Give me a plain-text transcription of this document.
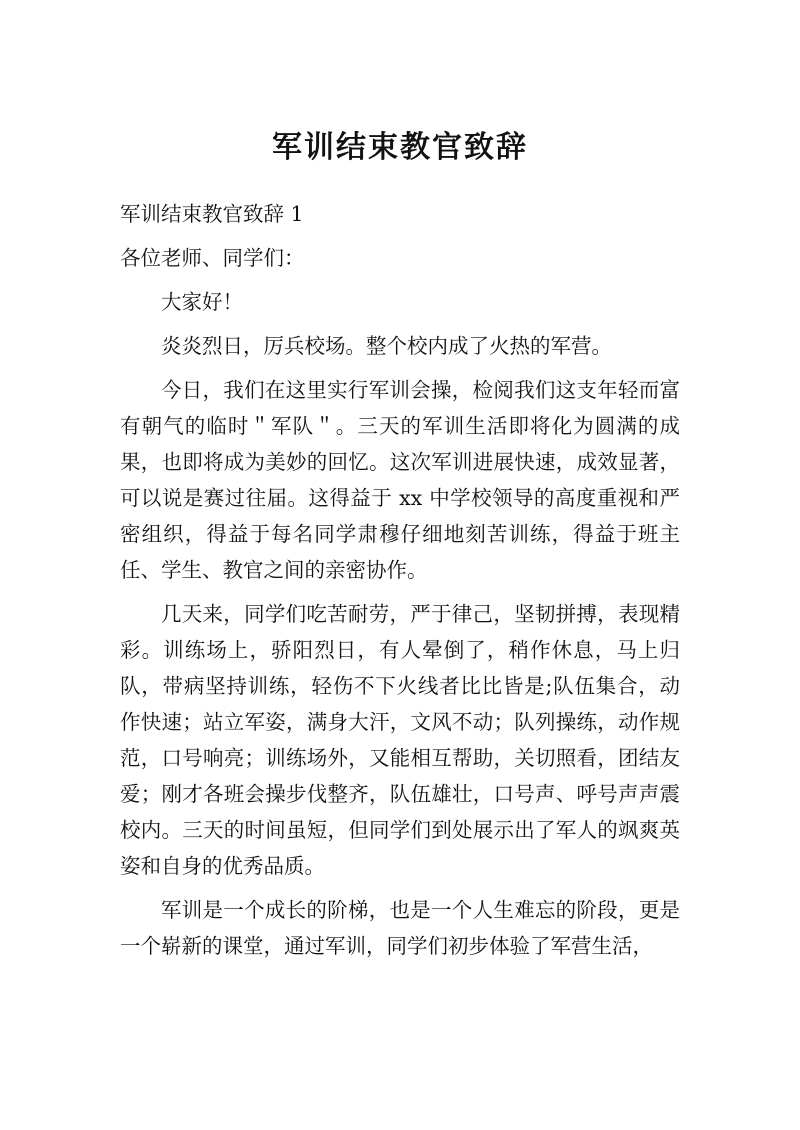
军训结束教官致辞

军训结束教官致辞 1

各位老师、同学们：

大家好！

炎炎烈日，厉兵校场。整个校内成了火热的军营。

今日，我们在这里实行军训会操，检阅我们这支年轻而富有朝气的临时＂军队＂。三天的军训生活即将化为圆满的成果，也即将成为美妙的回忆。这次军训进展快速，成效显著，可以说是赛过往届。这得益于 xx 中学校领导的高度重视和严密组织，得益于每名同学肃穆仔细地刻苦训练，得益于班主任、学生、教官之间的亲密协作。

几天来，同学们吃苦耐劳，严于律己，坚韧拼搏，表现精彩。训练场上，骄阳烈日，有人晕倒了，稍作休息，马上归队，带病坚持训练，轻伤不下火线者比比皆是;队伍集合，动作快速；站立军姿，满身大汗，文风不动；队列操练，动作规范，口号响亮；训练场外，又能相互帮助，关切照看，团结友爱；刚才各班会操步伐整齐，队伍雄壮，口号声、呼号声声震校内。三天的时间虽短，但同学们到处展示出了军人的飒爽英姿和自身的优秀品质。

军训是一个成长的阶梯，也是一个人生难忘的阶段，更是一个崭新的课堂，通过军训，同学们初步体验了军营生活，
